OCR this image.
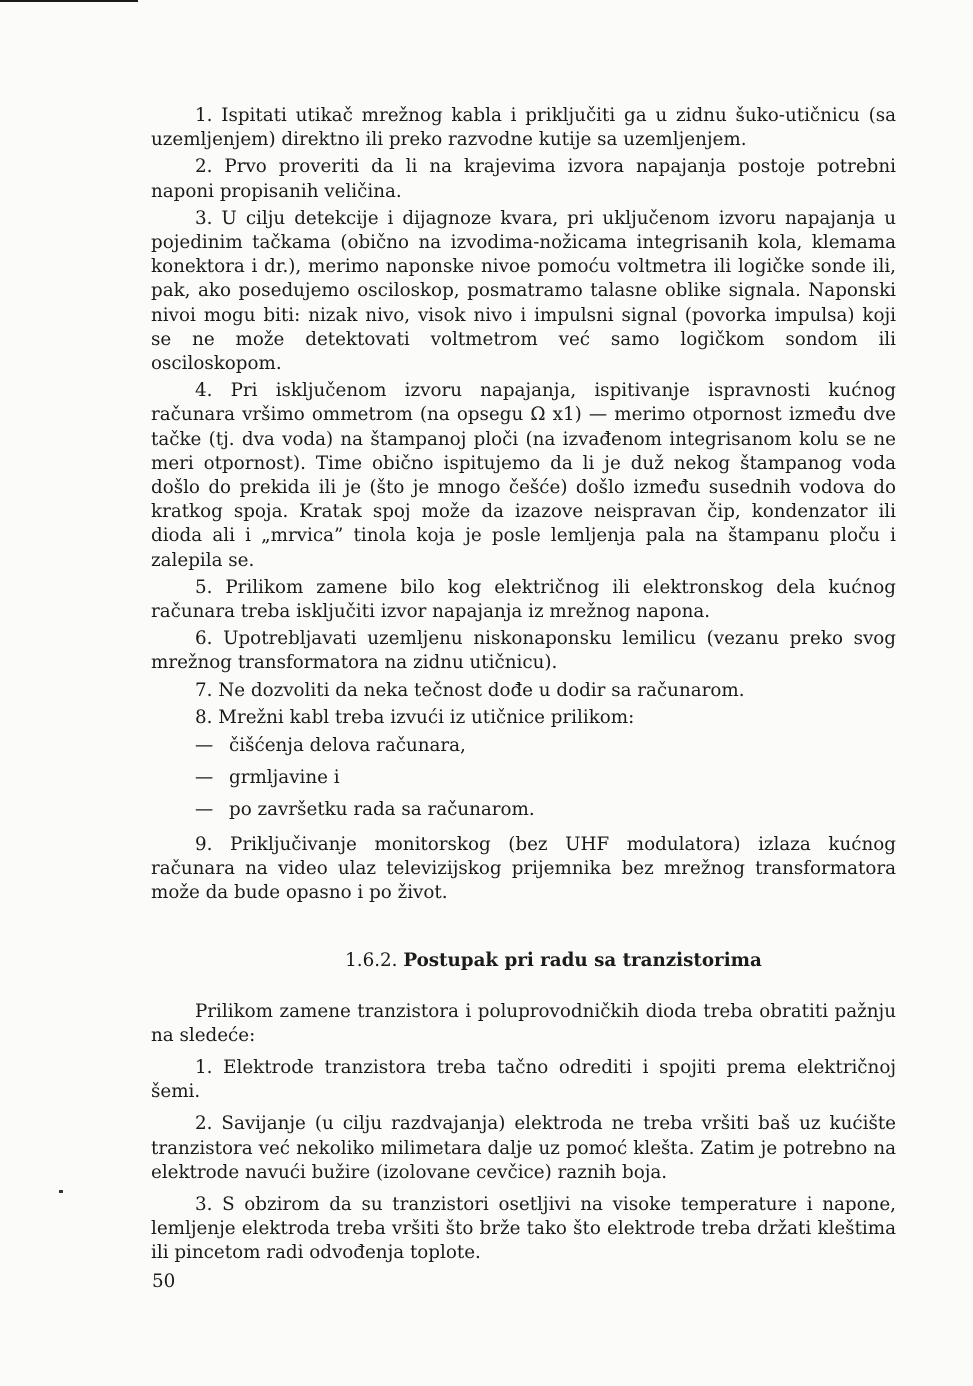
1. Ispitati utikač mrežnog kabla i priključiti ga u zidnu šuko-utičnicu (sa uzemljenjem) direktno ili preko razvodne kutije sa uzemljenjem.

2. Prvo proveriti da li na krajevima izvora napajanja postoje potrebni naponi propisanih veličina.

3. U cilju detekcije i dijagnoze kvara, pri uključenom izvoru napajanja u pojedinim tačkama (obično na izvodima-nožicama integrisanih kola, klemama konektora i dr.), merimo naponske nivoe pomoću voltmetra ili logičke sonde ili, pak, ako posedujemo osciloskop, posmatramo talasne oblike signala. Naponski nivoi mogu biti: nizak nivo, visok nivo i impulsni signal (povorka impulsa) koji se ne može detektovati voltmetrom već samo logičkom sondom ili osciloskopom.

4. Pri isključenom izvoru napajanja, ispitivanje ispravnosti kućnog računara vršimo ommetrom (na opsegu Ω x1) — merimo otpornost između dve tačke (tj. dva voda) na štampanoj ploči (na izvađenom integrisanom kolu se ne meri otpornost). Time obično ispitujemo da li je duž nekog štampanog voda došlo do prekida ili je (što je mnogo češće) došlo između susednih vodova do kratkog spoja. Kratak spoj može da izazove neispravan čip, kondenzator ili dioda ali i „mrvica” tinola koja je posle lemljenja pala na štampanu ploču i zalepila se.

5. Prilikom zamene bilo kog električnog ili elektronskog dela kućnog računara treba isključiti izvor napajanja iz mrežnog napona.

6. Upotrebljavati uzemljenu niskonaponsku lemilicu (vezanu preko svog mrežnog transformatora na zidnu utičnicu).

7. Ne dozvoliti da neka tečnost dođe u dodir sa računarom.

8. Mrežni kabl treba izvući iz utičnice prilikom:

— čišćenja delova računara,
— grmljavine i
— po završetku rada sa računarom.

9. Priključivanje monitorskog (bez UHF modulatora) izlaza kućnog računara na video ulaz televizijskog prijemnika bez mrežnog transformatora može da bude opasno i po život.

1.6.2. Postupak pri radu sa tranzistorima

Prilikom zamene tranzistora i poluprovodničkih dioda treba obratiti pažnju na sledeće:

1. Elektrode tranzistora treba tačno odrediti i spojiti prema električnoj šemi.

2. Savijanje (u cilju razdvajanja) elektroda ne treba vršiti baš uz kućište tranzistora već nekoliko milimetara dalje uz pomoć klešta. Zatim je potrebno na elektrode navući bužire (izolovane cevčice) raznih boja.

3. S obzirom da su tranzistori osetljivi na visoke temperature i napone, lemljenje elektroda treba vršiti što brže tako što elektrode treba držati kleštima ili pincetom radi odvođenja toplote.

50
